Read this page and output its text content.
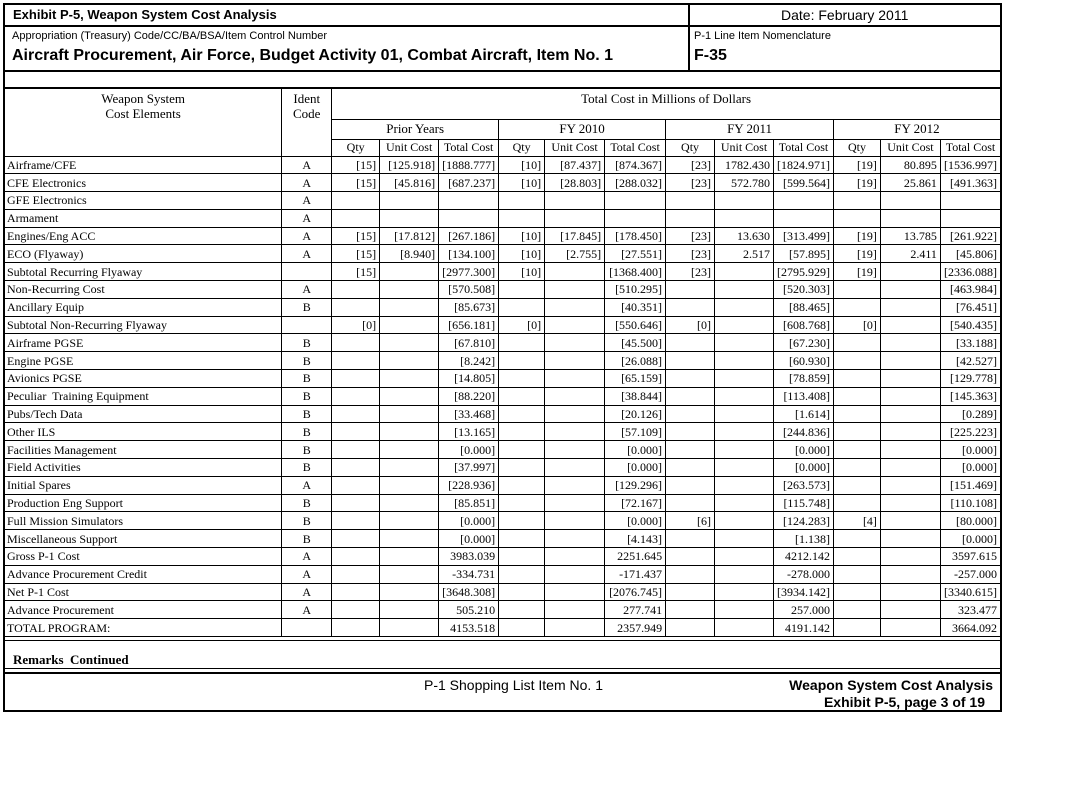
Exhibit P-5, Weapon System Cost Analysis	Date: February 2011
Appropriation (Treasury) Code/CC/BA/BSA/Item Control Number
Aircraft Procurement, Air Force, Budget Activity 01, Combat Aircraft, Item No. 1
P-1 Line Item Nomenclature
F-35
Weapon System
Cost Elements	Ident
Code	Total Cost in Millions of Dollars											
		Prior Years			FY 2010			FY 2011			FY 2012		
		Qty	Unit Cost	Total Cost	Qty	Unit Cost	Total Cost	Qty	Unit Cost	Total Cost	Qty	Unit Cost	Total Cost
Airframe/CFE	A	[15]	[125.918]	[1888.777]	[10]	[87.437]	[874.367]	[23]	1782.430	[1824.971]	[19]	80.895	[1536.997]
CFE Electronics	A	[15]	[45.816]	[687.237]	[10]	[28.803]	[288.032]	[23]	572.780	[599.564]	[19]	25.861	[491.363]
GFE Electronics	A												
Armament	A												
Engines/Eng ACC	A	[15]	[17.812]	[267.186]	[10]	[17.845]	[178.450]	[23]	13.630	[313.499]	[19]	13.785	[261.922]
ECO (Flyaway)	A	[15]	[8.940]	[134.100]	[10]	[2.755]	[27.551]	[23]	2.517	[57.895]	[19]	2.411	[45.806]
Subtotal Recurring Flyaway		[15]		[2977.300]	[10]		[1368.400]	[23]		[2795.929]	[19]		[2336.088]
Non-Recurring Cost	A			[570.508]			[510.295]			[520.303]			[463.984]
Ancillary Equip	B			[85.673]			[40.351]			[88.465]			[76.451]
Subtotal Non-Recurring Flyaway		[0]		[656.181]	[0]		[550.646]	[0]		[608.768]	[0]		[540.435]
Airframe PGSE	B			[67.810]			[45.500]			[67.230]			[33.188]
Engine PGSE	B			[8.242]			[26.088]			[60.930]			[42.527]
Avionics PGSE	B			[14.805]			[65.159]			[78.859]			[129.778]
Peculiar  Training Equipment	B			[88.220]			[38.844]			[113.408]			[145.363]
Pubs/Tech Data	B			[33.468]			[20.126]			[1.614]			[0.289]
Other ILS	B			[13.165]			[57.109]			[244.836]			[225.223]
Facilities Management	B			[0.000]			[0.000]			[0.000]			[0.000]
Field Activities	B			[37.997]			[0.000]			[0.000]			[0.000]
Initial Spares	A			[228.936]			[129.296]			[263.573]			[151.469]
Production Eng Support	B			[85.851]			[72.167]			[115.748]			[110.108]
Full Mission Simulators	B			[0.000]			[0.000]	[6]		[124.283]	[4]		[80.000]
Miscellaneous Support	B			[0.000]			[4.143]			[1.138]			[0.000]
Gross P-1 Cost	A			3983.039			2251.645			4212.142			3597.615
Advance Procurement Credit	A			-334.731			-171.437			-278.000			-257.000
Net P-1 Cost	A			[3648.308]			[2076.745]			[3934.142]			[3340.615]
Advance Procurement	A			505.210			277.741			257.000			323.477
TOTAL PROGRAM:				4153.518			2357.949			4191.142			3664.092
Remarks  Continued
P-1 Shopping List Item No. 1	Weapon System Cost Analysis
Exhibit P-5, page 3 of 19
